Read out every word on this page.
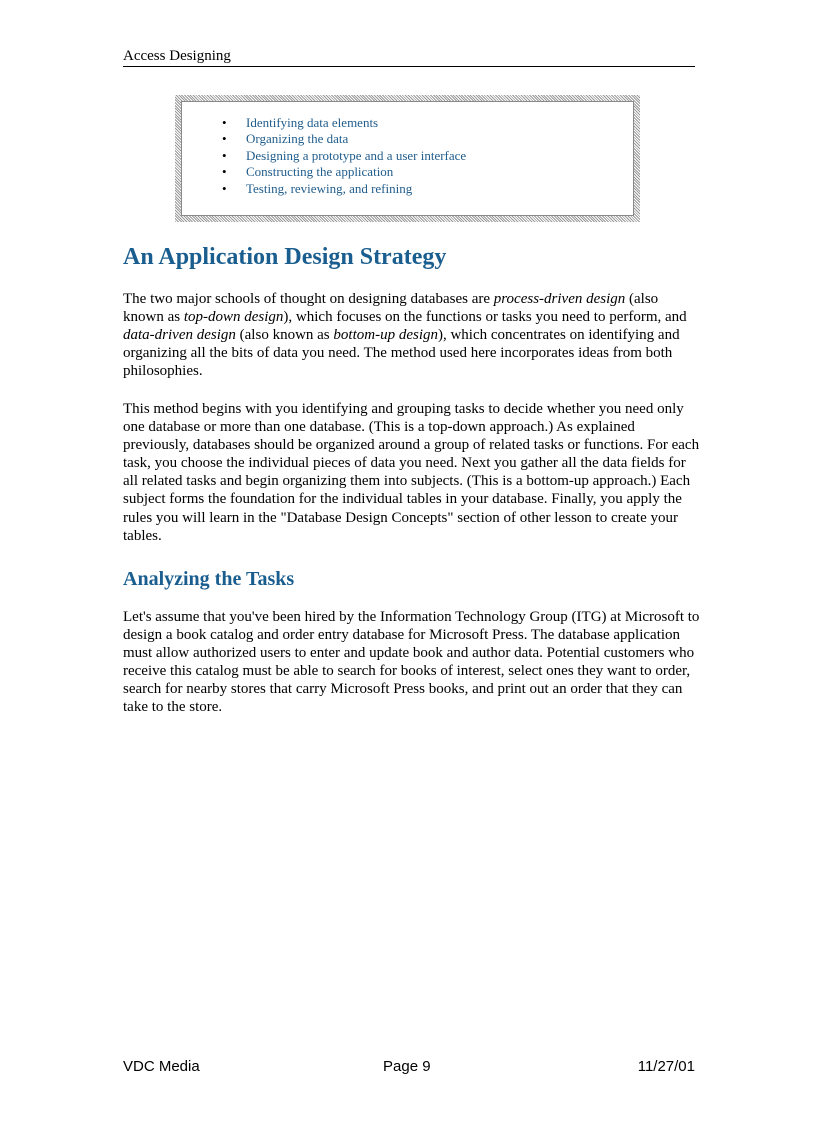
Access Designing
• Identifying data elements
• Organizing the data
• Designing a prototype and a user interface
• Constructing the application
• Testing, reviewing, and refining
An Application Design Strategy

The two major schools of thought on designing databases are process-driven design (also known as top-down design), which focuses on the functions or tasks you need to perform, and data-driven design (also known as bottom-up design), which concentrates on identifying and organizing all the bits of data you need. The method used here incorporates ideas from both philosophies.

This method begins with you identifying and grouping tasks to decide whether you need only one database or more than one database. (This is a top-down approach.) As explained previously, databases should be organized around a group of related tasks or functions. For each task, you choose the individual pieces of data you need. Next you gather all the data fields for all related tasks and begin organizing them into subjects. (This is a bottom-up approach.) Each subject forms the foundation for the individual tables in your database. Finally, you apply the rules you will learn in the "Database Design Concepts" section of other lesson to create your tables.

Analyzing the Tasks

Let's assume that you've been hired by the Information Technology Group (ITG) at Microsoft to design a book catalog and order entry database for Microsoft Press. The database application must allow authorized users to enter and update book and author data. Potential customers who receive this catalog must be able to search for books of interest, select ones they want to order, search for nearby stores that carry Microsoft Press books, and print out an order that they can take to the store.

VDC Media	Page 9	11/27/01
